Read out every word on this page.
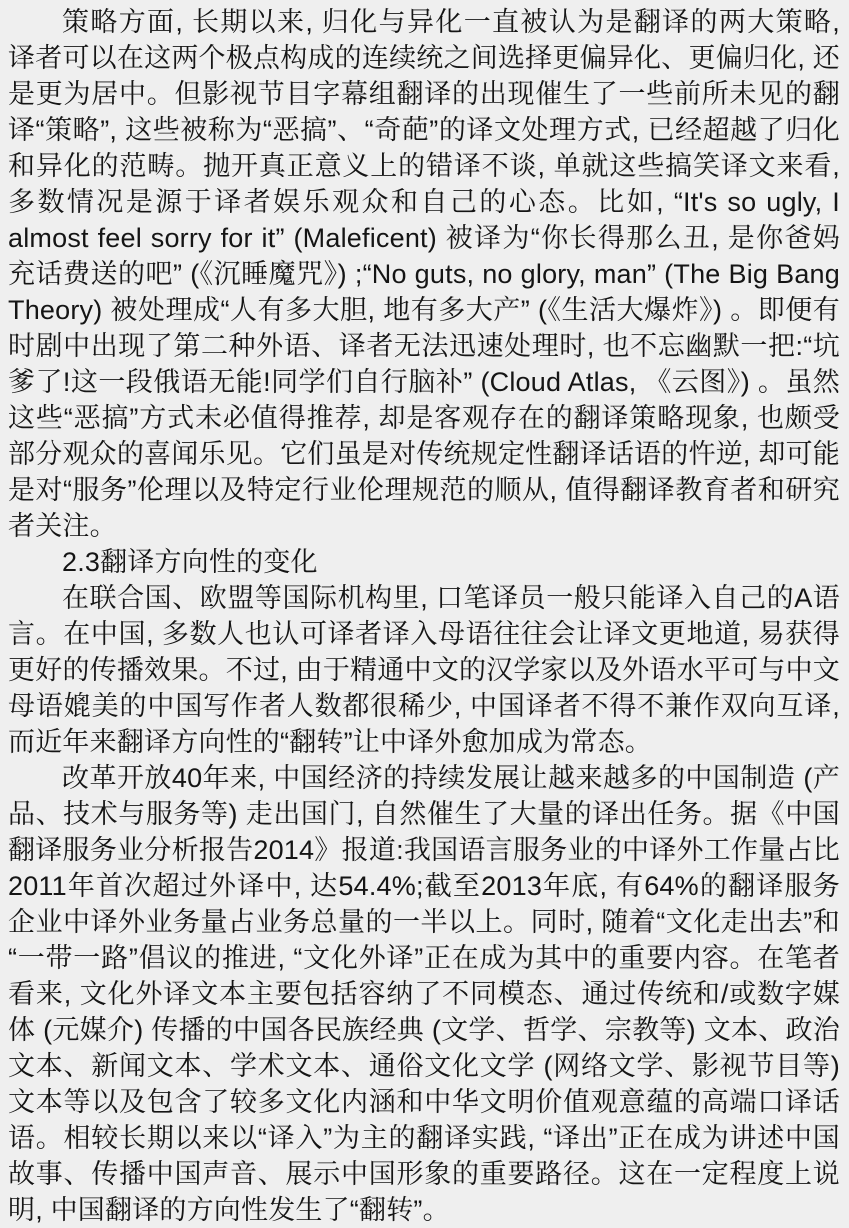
策略方面, 长期以来, 归化与异化一直被认为是翻译的两大策略, 译者可以在这两个极点构成的连续统之间选择更偏异化、更偏归化, 还是更为居中。但影视节目字幕组翻译的出现催生了一些前所未见的翻译“策略”, 这些被称为“恶搞”、“奇葩”的译文处理方式, 已经超越了归化和异化的范畴。抛开真正意义上的错译不谈, 单就这些搞笑译文来看, 多数情况是源于译者娱乐观众和自己的心态。比如, “It's so ugly, I almost feel sorry for it” (Maleficent) 被译为“你长得那么丑, 是你爸妈充话费送的吧” (《沉睡魔咒》) ;“No guts, no glory, man” (The Big Bang Theory) 被处理成“人有多大胆, 地有多大产” (《生活大爆炸》) 。即便有时剧中出现了第二种外语、译者无法迅速处理时, 也不忘幽默一把:“坑爹了!这一段俄语无能!同学们自行脑补” (Cloud Atlas, 《云图》) 。虽然这些“恶搞”方式未必值得推荐, 却是客观存在的翻译策略现象, 也颇受部分观众的喜闻乐见。它们虽是对传统规定性翻译话语的忤逆, 却可能是对“服务”伦理以及特定行业伦理规范的顺从, 值得翻译教育者和研究者关注。

2.3翻译方向性的变化

在联合国、欧盟等国际机构里, 口笔译员一般只能译入自己的A语言。在中国, 多数人也认可译者译入母语往往会让译文更地道, 易获得更好的传播效果。不过, 由于精通中文的汉学家以及外语水平可与中文母语媲美的中国写作者人数都很稀少, 中国译者不得不兼作双向互译, 而近年来翻译方向性的“翻转”让中译外愈加成为常态。

改革开放40年来, 中国经济的持续发展让越来越多的中国制造 (产品、技术与服务等) 走出国门, 自然催生了大量的译出任务。据《中国翻译服务业分析报告2014》报道:我国语言服务业的中译外工作量占比2011年首次超过外译中, 达54.4%;截至2013年底, 有64%的翻译服务企业中译外业务量占业务总量的一半以上。同时, 随着“文化走出去”和“一带一路”倡议的推进, “文化外译”正在成为其中的重要内容。在笔者看来, 文化外译文本主要包括容纳了不同模态、通过传统和/或数字媒体 (元媒介) 传播的中国各民族经典 (文学、哲学、宗教等) 文本、政治文本、新闻文本、学术文本、通俗文化文学 (网络文学、影视节目等) 文本等以及包含了较多文化内涵和中华文明价值观意蕴的高端口译话语。相较长期以来以“译入”为主的翻译实践, “译出”正在成为讲述中国故事、传播中国声音、展示中国形象的重要路径。这在一定程度上说明, 中国翻译的方向性发生了“翻转”。
